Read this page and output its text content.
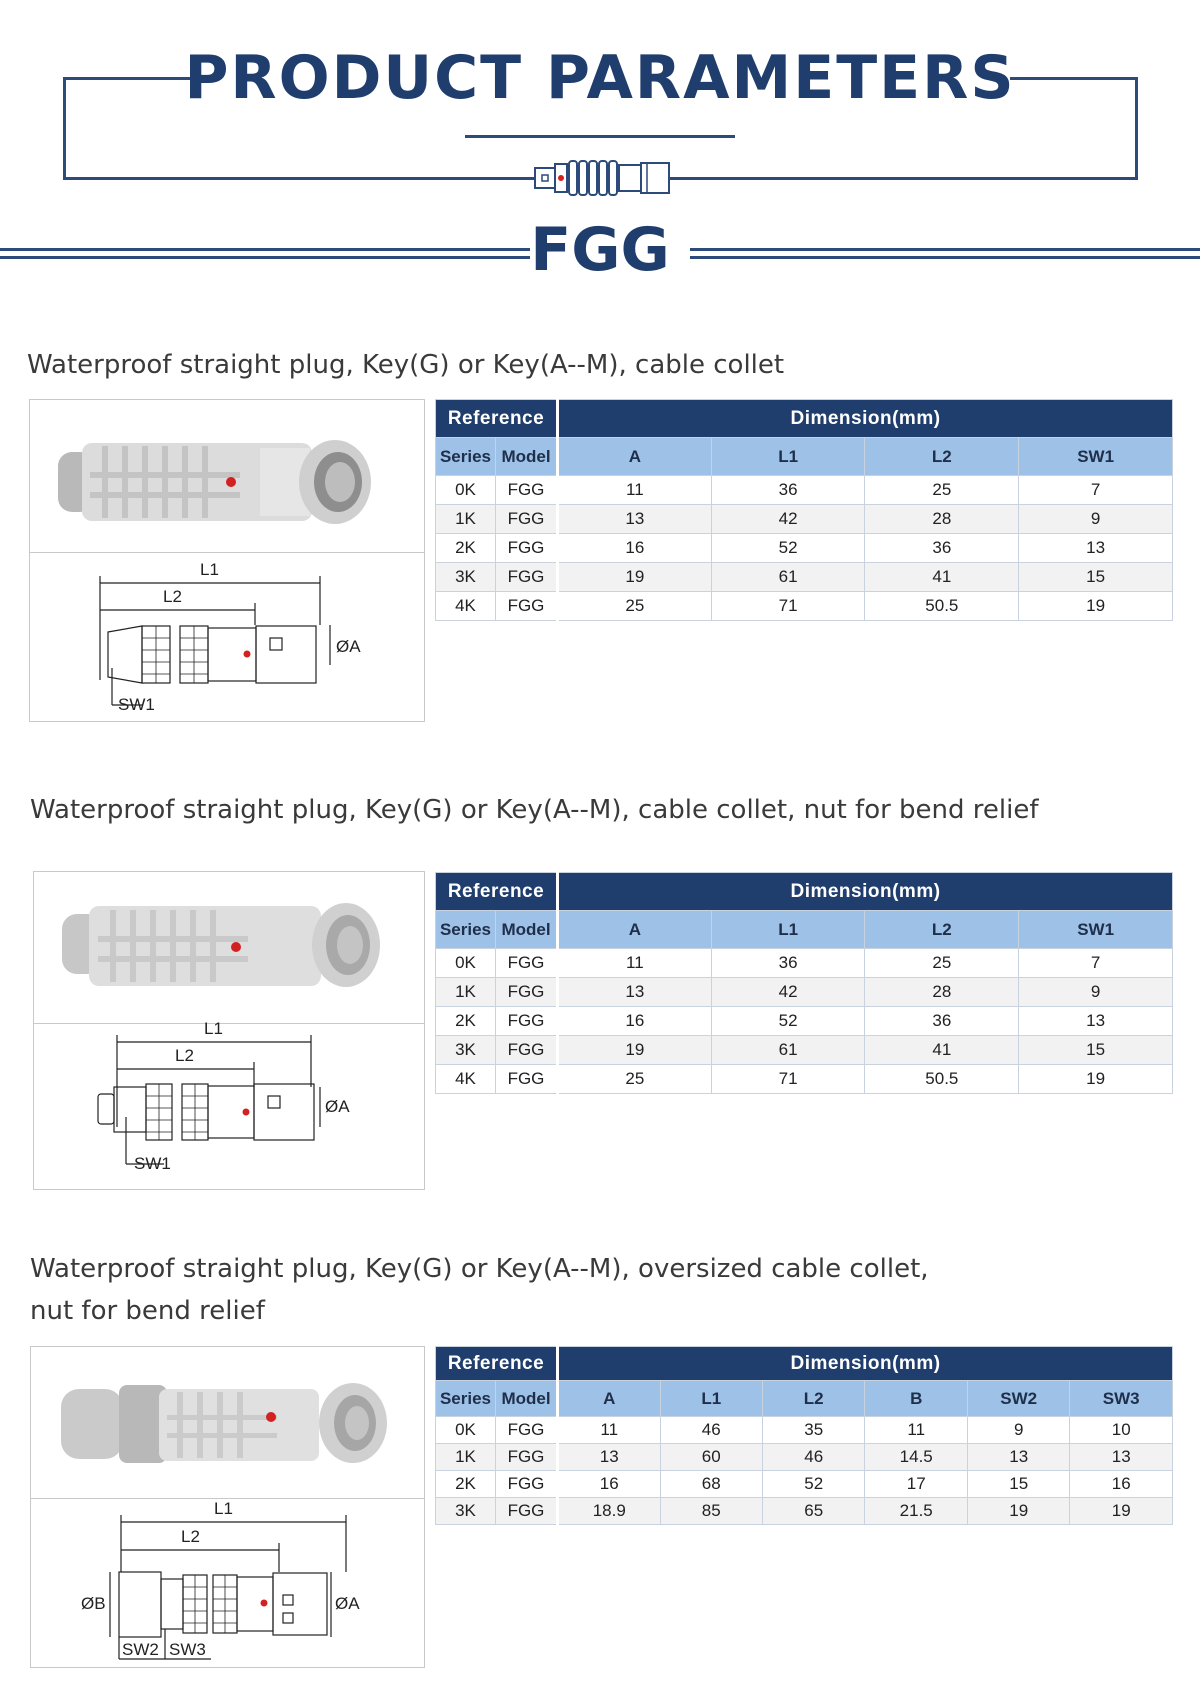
PRODUCT PARAMETERS
FGG
Waterproof straight plug, Key(G) or Key(A--M), cable collet
L1
L2
ØA
SW1
Reference		Dimension(mm)			
Series	Model	A	L1	L2	SW1
0K	FGG	11	36	25	7
1K	FGG	13	42	28	9
2K	FGG	16	52	36	13
3K	FGG	19	61	41	15
4K	FGG	25	71	50.5	19
Waterproof straight plug, Key(G) or Key(A--M), cable collet, nut for bend relief
L1
L2
ØA
SW1
Reference		Dimension(mm)			
Series	Model	A	L1	L2	SW1
0K	FGG	11	36	25	7
1K	FGG	13	42	28	9
2K	FGG	16	52	36	13
3K	FGG	19	61	41	15
4K	FGG	25	71	50.5	19
Waterproof straight plug, Key(G) or Key(A--M), oversized cable collet,
nut for bend relief
L1
L2
ØB	ØA
SW2 SW3
Reference		Dimension(mm)					
Series	Model	A	L1	L2	B	SW2	SW3
0K	FGG	11	46	35	11	9	10
1K	FGG	13	60	46	14.5	13	13
2K	FGG	16	68	52	17	15	16
3K	FGG	18.9	85	65	21.5	19	19
